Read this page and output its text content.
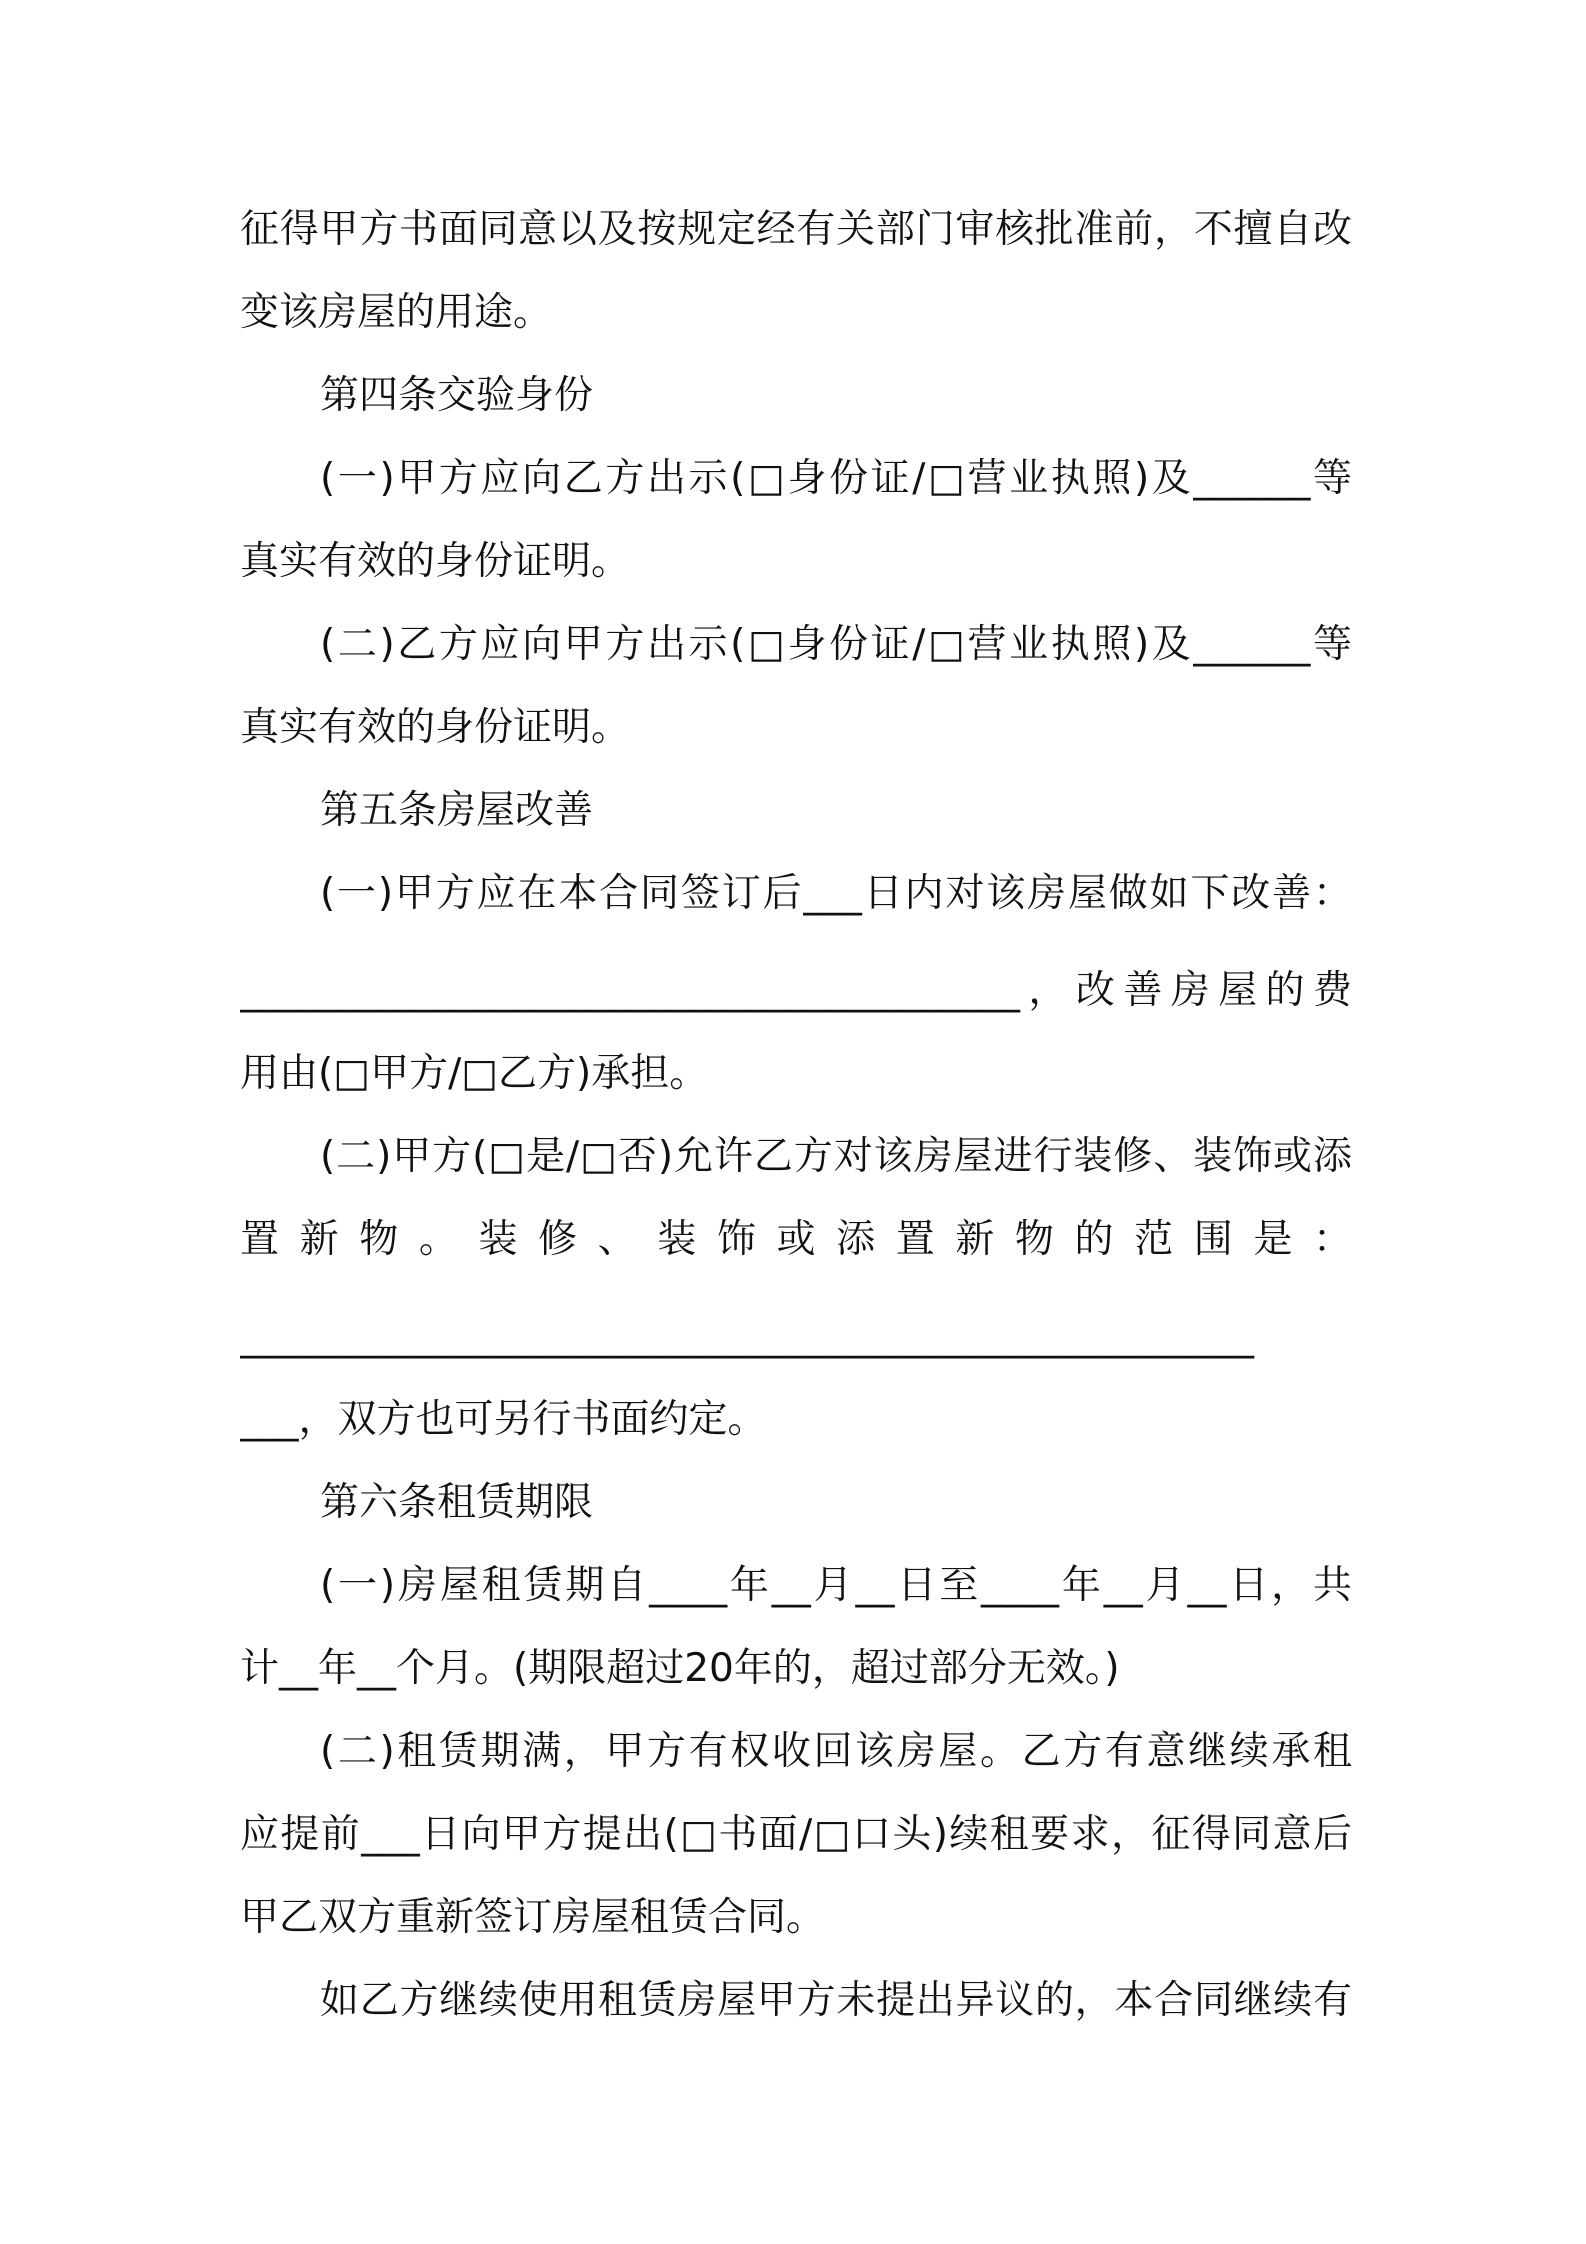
征得甲方书面同意以及按规定经有关部门审核批准前，不擅自改
变该房屋的用途。
第四条交验身份
(一)甲方应向乙方出示(□身份证/□营业执照)及______等
真实有效的身份证明。
(二)乙方应向甲方出示(□身份证/□营业执照)及______等
真实有效的身份证明。
第五条房屋改善
(一)甲方应在本合同签订后___日内对该房屋做如下改善：
________________________________________，改善房屋的费
用由(□甲方/□乙方)承担。
(二)甲方(□是/□否)允许乙方对该房屋进行装修、装饰或添
置新物。装修、装饰或添置新物的范围是：
____________________________________________________
___，双方也可另行书面约定。
第六条租赁期限
(一)房屋租赁期自____年__月__日至____年__月__日，共
计__年__个月。(期限超过20年的，超过部分无效。)
(二)租赁期满，甲方有权收回该房屋。乙方有意继续承租
应提前___日向甲方提出(□书面/□口头)续租要求，征得同意后
甲乙双方重新签订房屋租赁合同。
如乙方继续使用租赁房屋甲方未提出异议的，本合同继续有
